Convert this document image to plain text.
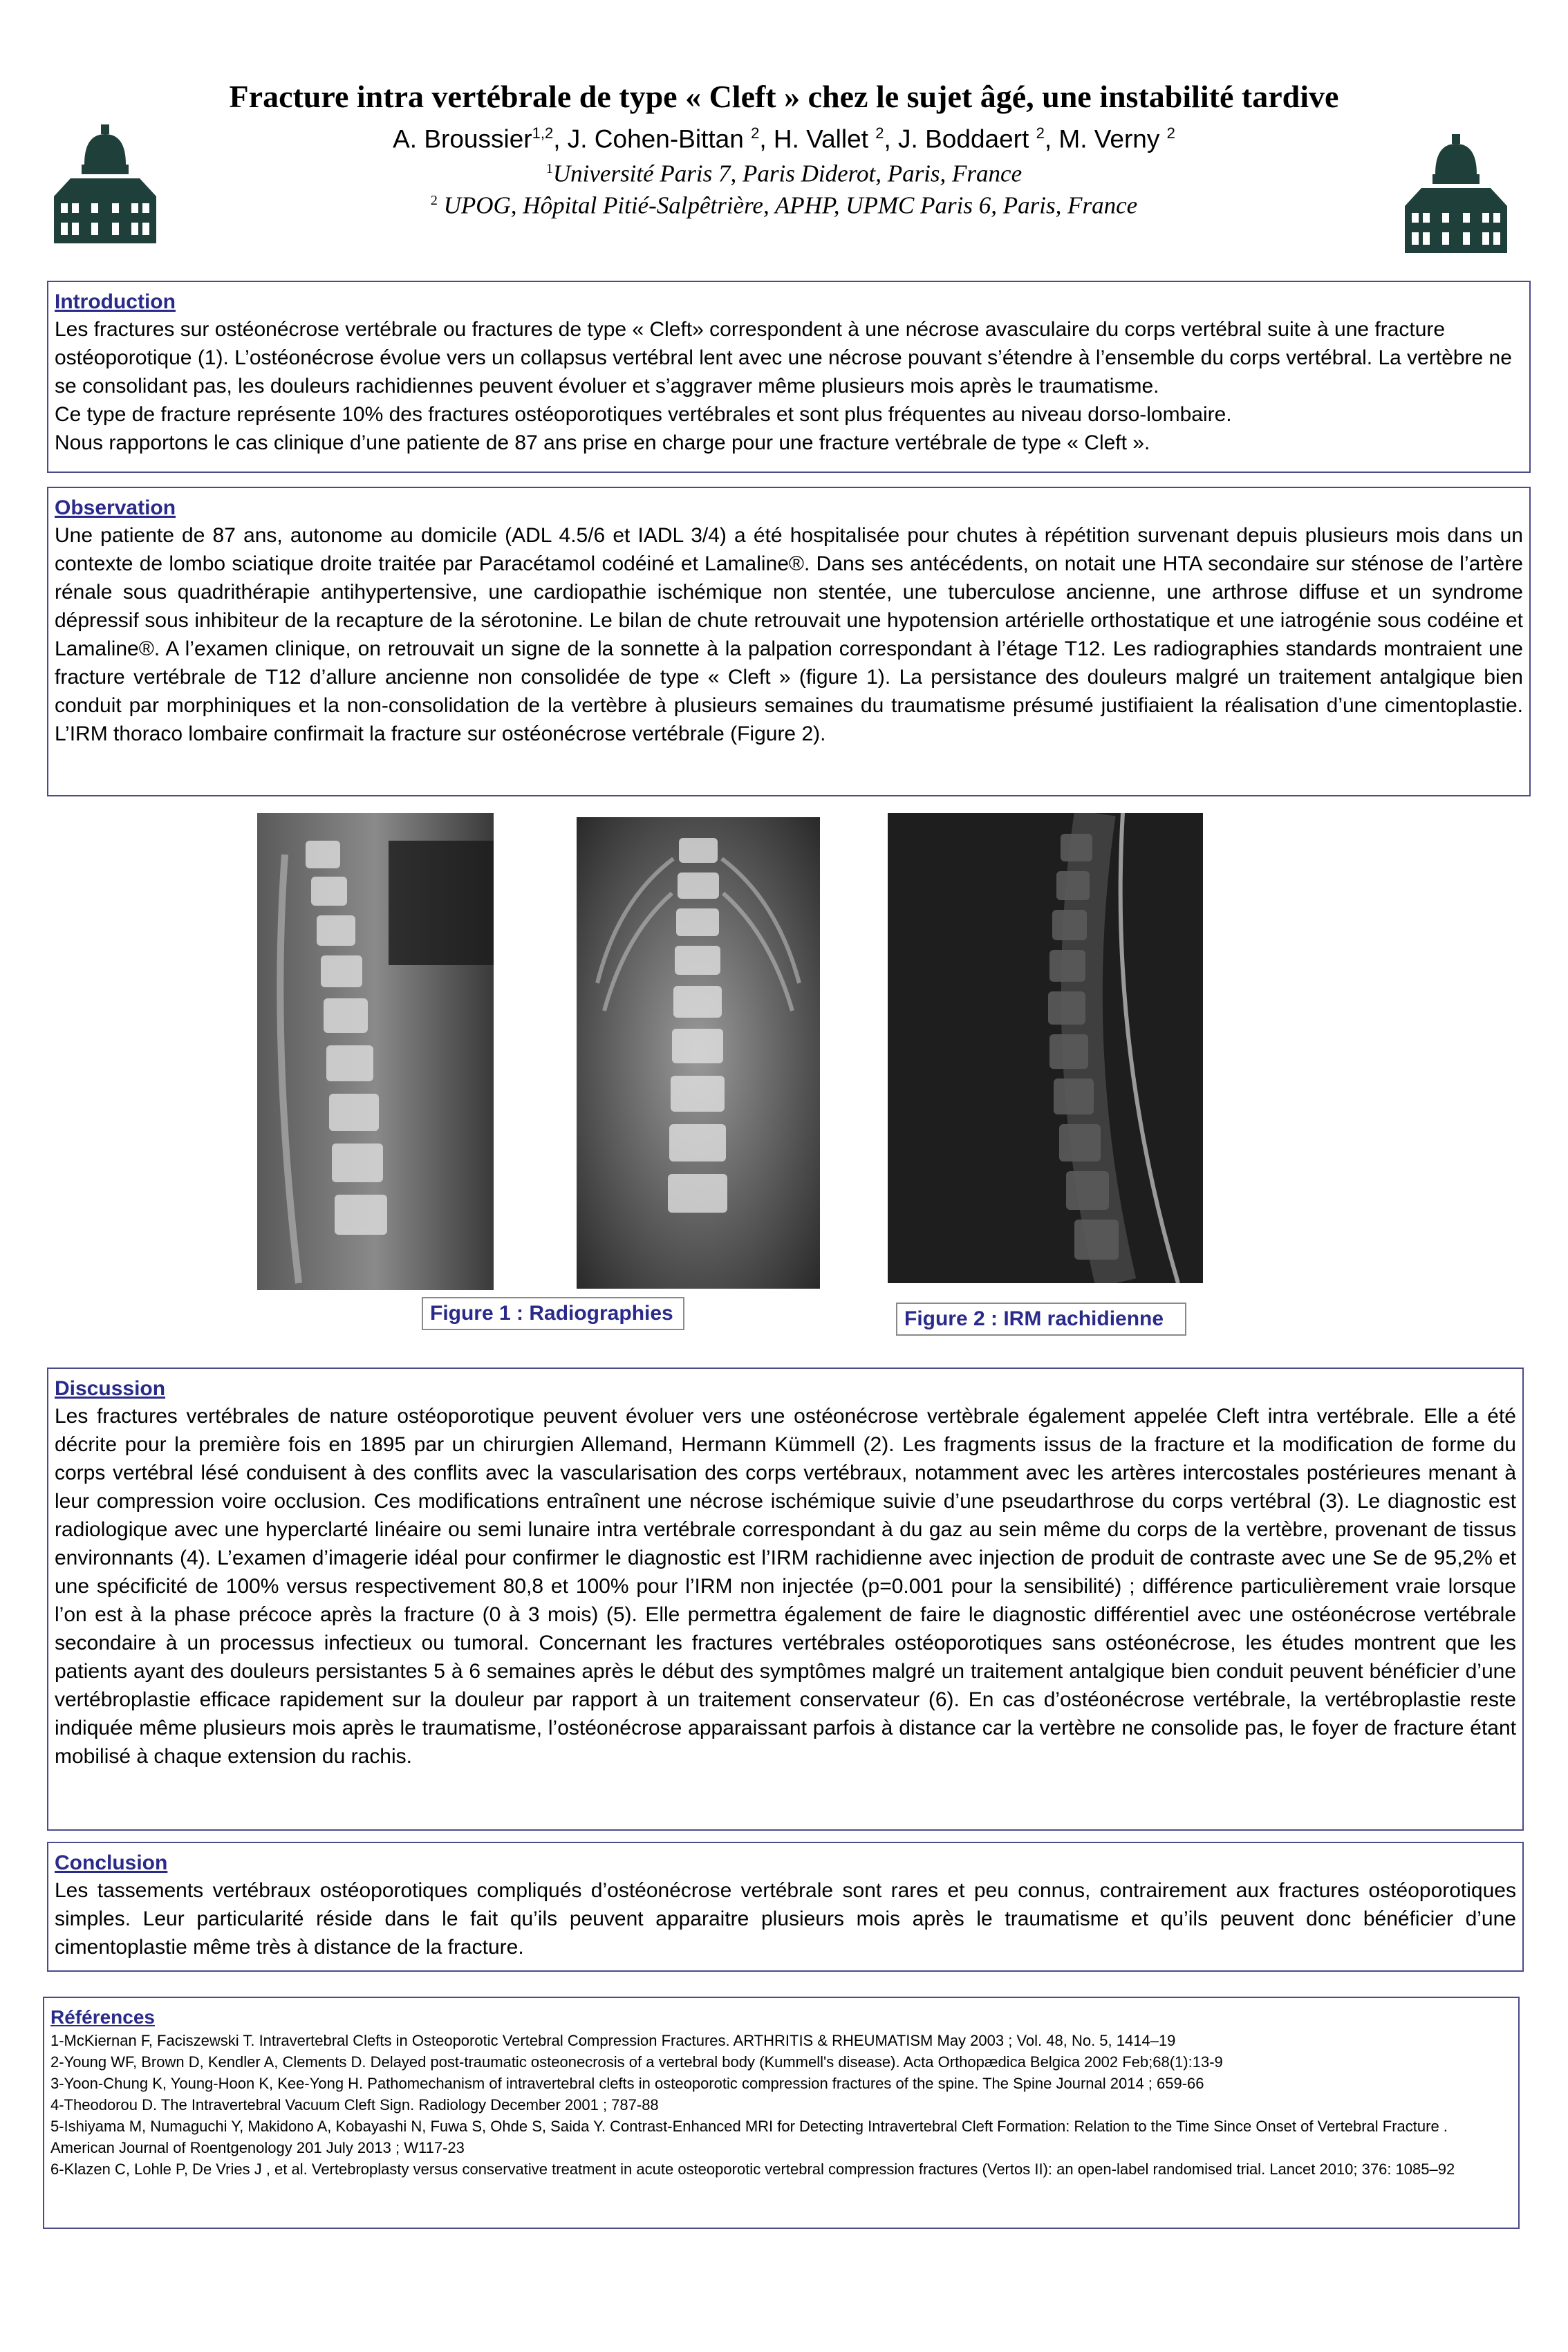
Fracture intra vertébrale de type « Cleft » chez le sujet âgé, une instabilité tardive
A. Broussier$^{1,2}$, J. Cohen-Bittan $^2$, H. Vallet $^2$, J. Boddaert $^2$, M. Verny $^2$
$^1$Université Paris 7, Paris Diderot, Paris, France
$^2$ UPOG, Hôpital Pitié-Salpêtrière, APHP, UPMC Paris 6, Paris, France
Introduction

Les fractures sur ostéonécrose vertébrale ou fractures de type « Cleft» correspondent à une nécrose avasculaire du corps vertébral suite à une fracture ostéoporotique (1). L’ostéonécrose évolue vers un collapsus vertébral lent avec une nécrose pouvant s’étendre à l’ensemble du corps vertébral. La vertèbre ne se consolidant pas, les douleurs rachidiennes peuvent évoluer et s’aggraver même plusieurs mois après le traumatisme.

Ce type de fracture représente 10% des fractures ostéoporotiques vertébrales et sont plus fréquentes au niveau dorso-lombaire.

Nous rapportons le cas clinique d’une patiente de 87 ans prise en charge pour une fracture vertébrale de type « Cleft ».

Observation

Une patiente de 87 ans, autonome au domicile (ADL 4.5/6 et IADL 3/4) a été hospitalisée pour chutes à répétition survenant depuis plusieurs mois dans un contexte de lombo sciatique droite traitée par Paracétamol codéiné et Lamaline®. Dans ses antécédents, on notait une HTA secondaire sur sténose de l’artère rénale sous quadrithérapie antihypertensive, une cardiopathie ischémique non stentée, une tuberculose ancienne, une arthrose diffuse et un syndrome dépressif sous inhibiteur de la recapture de la sérotonine. Le bilan de chute retrouvait une hypotension artérielle orthostatique et une iatrogénie sous codéine et Lamaline®. A l’examen clinique, on retrouvait un signe de la sonnette à la palpation correspondant à l’étage T12. Les radiographies standards montraient une fracture vertébrale de T12 d’allure ancienne non consolidée de type « Cleft » (figure 1). La persistance des douleurs malgré un traitement antalgique bien conduit par morphiniques et la non-consolidation de la vertèbre à plusieurs semaines du traumatisme présumé justifiaient la réalisation d’une cimentoplastie. L’IRM thoraco lombaire confirmait la fracture sur ostéonécrose vertébrale (Figure 2).

Figure 1 : Radiographies	Figure 2 : IRM rachidienne
Discussion

Les fractures vertébrales de nature ostéoporotique peuvent évoluer vers une ostéonécrose vertèbrale également appelée Cleft intra vertébrale. Elle a été décrite pour la première fois en 1895 par un chirurgien Allemand, Hermann Kümmell (2). Les fragments issus de la fracture et la modification de forme du corps vertébral lésé conduisent à des conflits avec la vascularisation des corps vertébraux, notamment avec les artères intercostales postérieures menant à leur compression voire occlusion. Ces modifications entraînent une nécrose ischémique suivie d’une pseudarthrose du corps vertébral (3). Le diagnostic est radiologique avec une hyperclarté linéaire ou semi lunaire intra vertébrale correspondant à du gaz au sein même du corps de la vertèbre, provenant de tissus environnants (4). L’examen d’imagerie idéal pour confirmer le diagnostic est l’IRM rachidienne avec injection de produit de contraste avec une Se de 95,2% et une spécificité de 100% versus respectivement 80,8 et 100% pour l’IRM non injectée (p=0.001 pour la sensibilité) ; différence particulièrement vraie lorsque l’on est à la phase précoce après la fracture (0 à 3 mois) (5). Elle permettra également de faire le diagnostic différentiel avec une ostéonécrose vertébrale secondaire à un processus infectieux ou tumoral. Concernant les fractures vertébrales ostéoporotiques sans ostéonécrose, les études montrent que les patients ayant des douleurs persistantes 5 à 6 semaines après le début des symptômes malgré un traitement antalgique bien conduit peuvent bénéficier d’une vertébroplastie efficace rapidement sur la douleur par rapport à un traitement conservateur (6). En cas d’ostéonécrose vertébrale, la vertébroplastie reste indiquée même plusieurs mois après le traumatisme, l’ostéonécrose apparaissant parfois à distance car la vertèbre ne consolide pas, le foyer de fracture étant mobilisé à chaque extension du rachis.

Conclusion

Les tassements vertébraux ostéoporotiques compliqués d’ostéonécrose vertébrale sont rares et peu connus, contrairement aux fractures ostéoporotiques simples. Leur particularité réside dans le fait qu’ils peuvent apparaitre plusieurs mois après le traumatisme et qu’ils peuvent donc bénéficier d’une cimentoplastie même très à distance de la fracture.

Références

1-McKiernan F, Faciszewski T. Intravertebral Clefts in Osteoporotic Vertebral Compression Fractures. ARTHRITIS & RHEUMATISM May 2003 ; Vol. 48, No. 5, 1414–19

2-Young WF, Brown D, Kendler A, Clements D. Delayed post-traumatic osteonecrosis of a vertebral body (Kummell's disease). Acta Orthopædica Belgica 2002 Feb;68(1):13-9

3-Yoon-Chung K, Young-Hoon K, Kee-Yong H. Pathomechanism of intravertebral clefts in osteoporotic compression fractures of the spine. The Spine Journal 2014 ; 659-66

4-Theodorou D. The Intravertebral Vacuum Cleft Sign. Radiology December 2001 ; 787-88

5-Ishiyama M, Numaguchi Y, Makidono A, Kobayashi N, Fuwa S, Ohde S, Saida Y. Contrast-Enhanced MRI for Detecting Intravertebral Cleft Formation: Relation to the Time Since Onset of Vertebral Fracture . American Journal of Roentgenology 201 July 2013 ; W117-23

6-Klazen C, Lohle P, De Vries J , et al. Vertebroplasty versus conservative treatment in acute osteoporotic vertebral compression fractures (Vertos II): an open-label randomised trial. Lancet 2010; 376: 1085–92
